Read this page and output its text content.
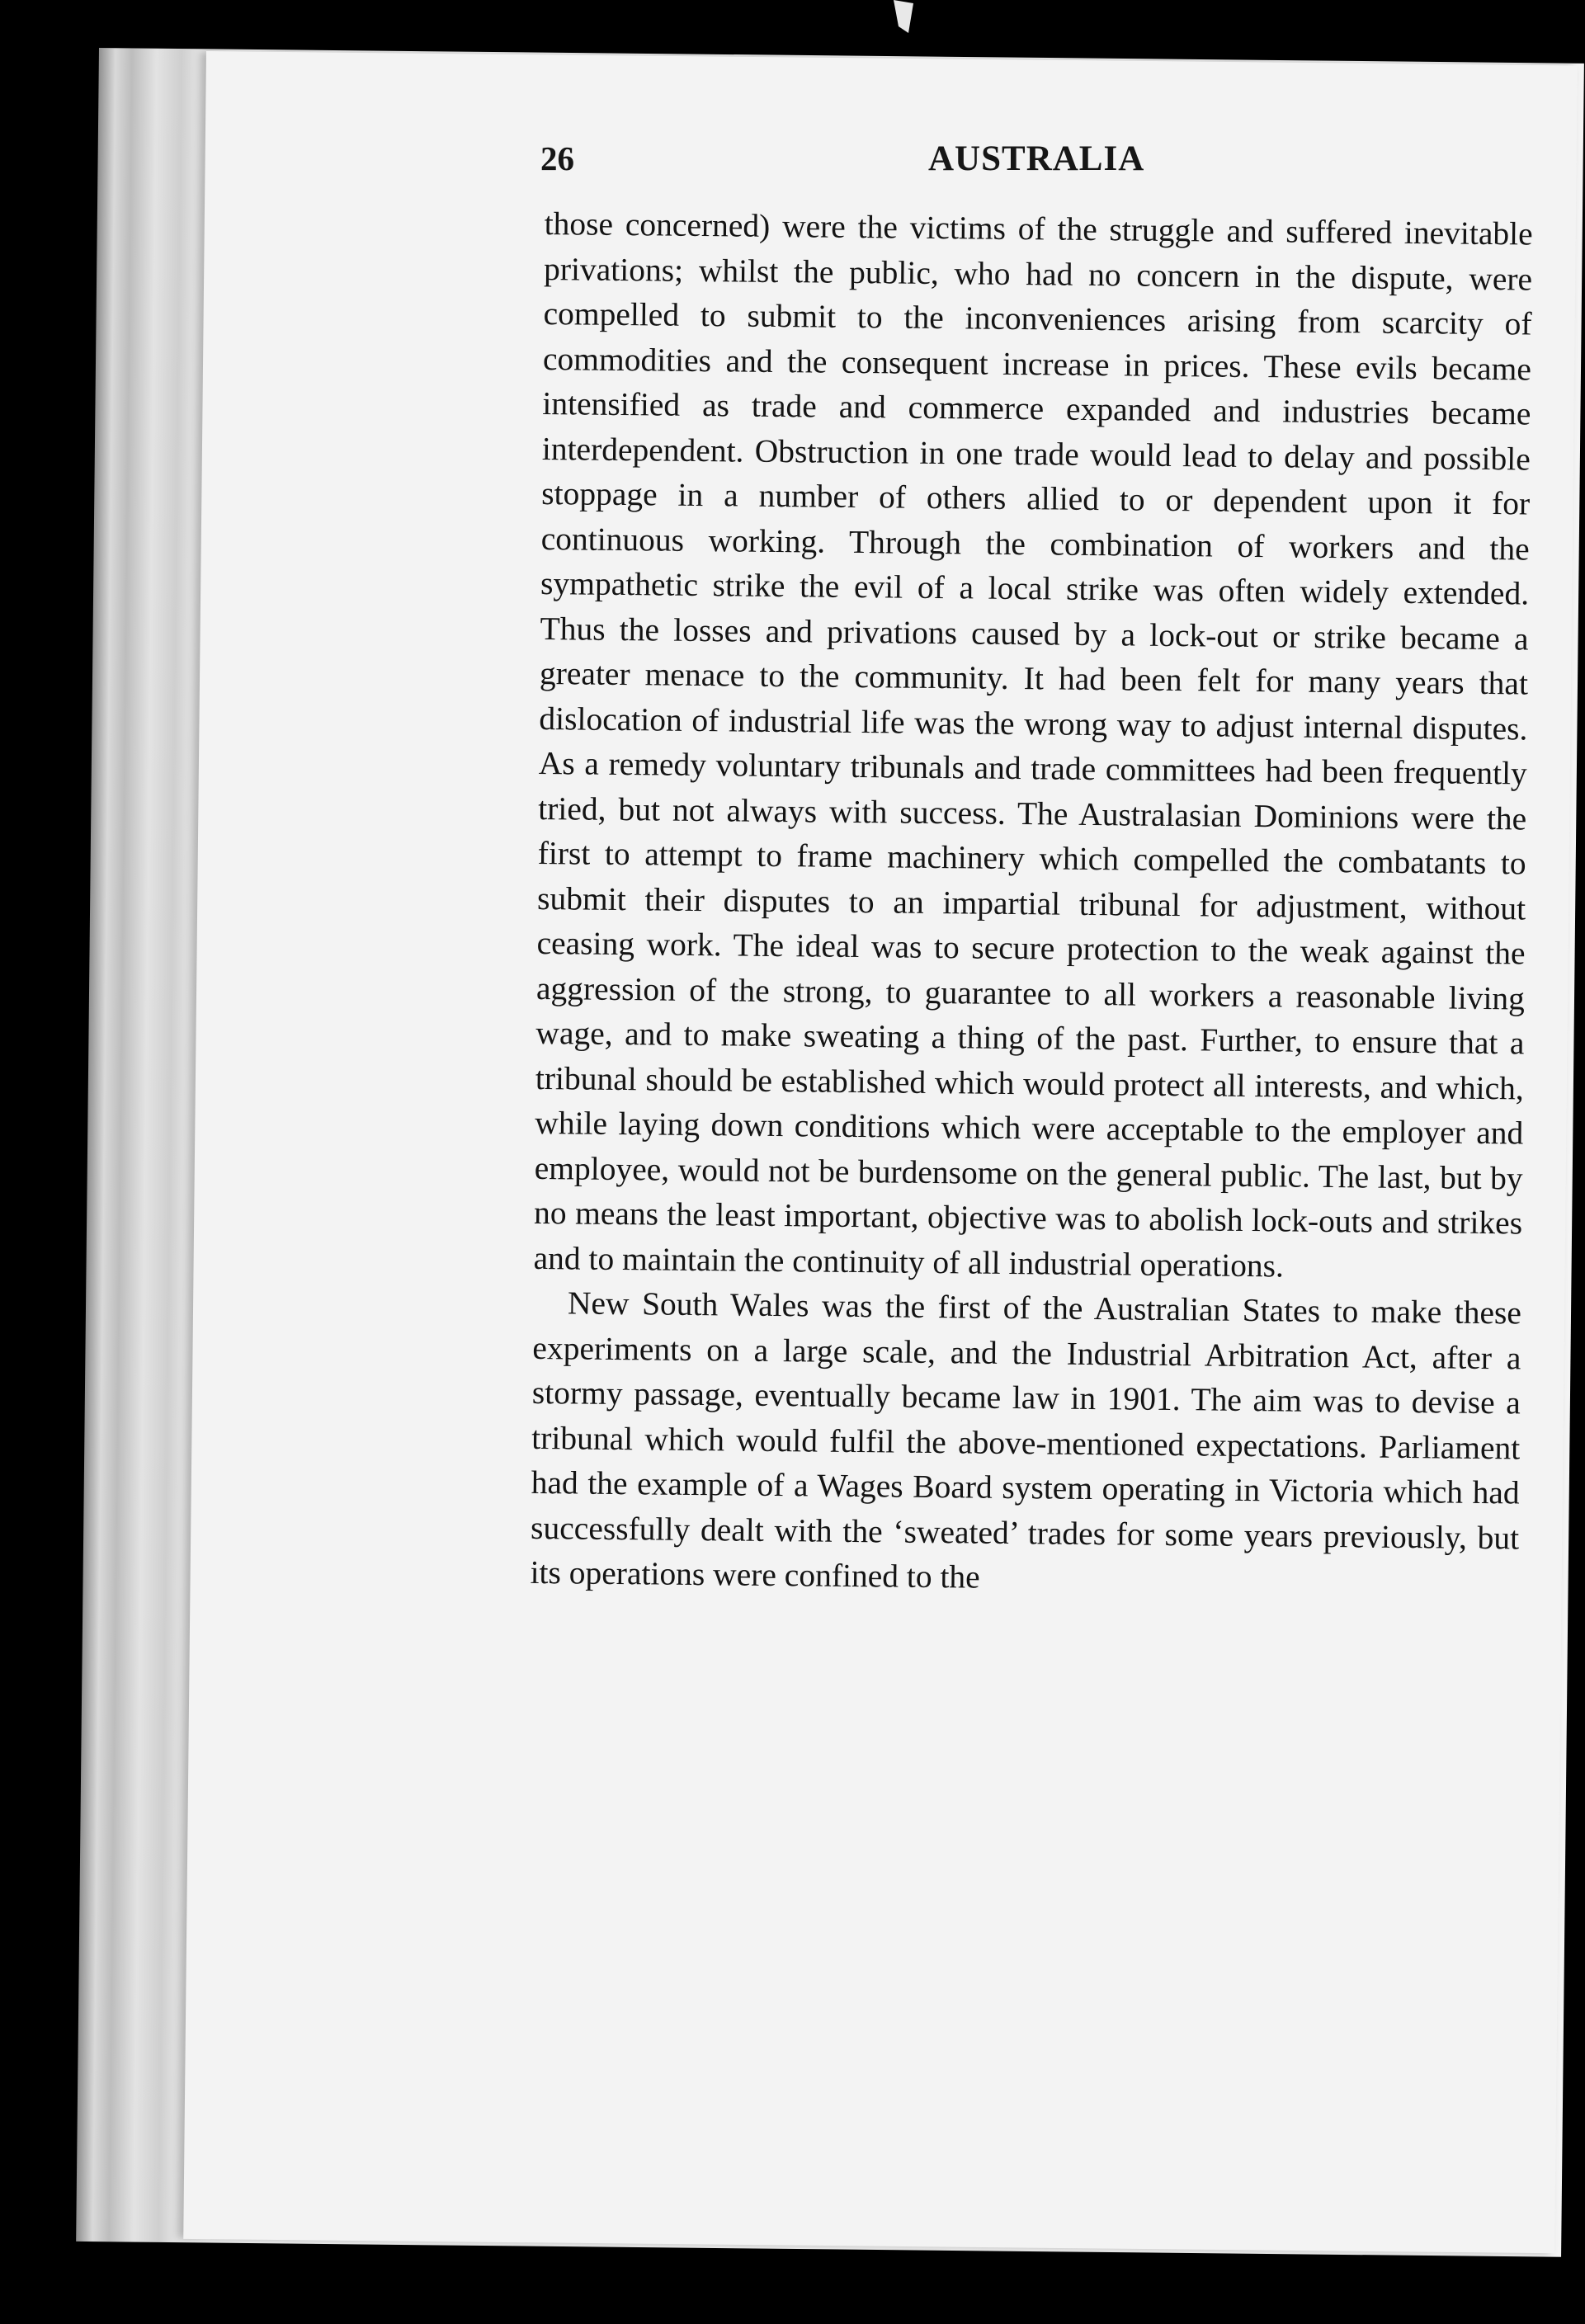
26	AUSTRALIA

those concerned) were the victims of the struggle and suffered inevitable privations; whilst the public, who had no concern in the dispute, were compelled to submit to the inconveniences arising from scarcity of commodities and the consequent increase in prices. These evils became intensified as trade and commerce expanded and industries became interdependent. Obstruction in one trade would lead to delay and possible stoppage in a number of others allied to or dependent upon it for continuous working. Through the combination of workers and the sympathetic strike the evil of a local strike was often widely extended. Thus the losses and privations caused by a lock-out or strike became a greater menace to the community. It had been felt for many years that dislocation of industrial life was the wrong way to adjust internal disputes. As a remedy voluntary tribunals and trade committees had been frequently tried, but not always with success. The Australasian Dominions were the first to attempt to frame machinery which compelled the combatants to submit their disputes to an impartial tribunal for adjustment, without ceasing work. The ideal was to secure protection to the weak against the aggression of the strong, to guarantee to all workers a reasonable living wage, and to make sweating a thing of the past. Further, to ensure that a tribunal should be established which would protect all interests, and which, while laying down conditions which were acceptable to the employer and employee, would not be burdensome on the general public. The last, but by no means the least important, objective was to abolish lock-outs and strikes and to maintain the continuity of all industrial operations.

New South Wales was the first of the Australian States to make these experiments on a large scale, and the Industrial Arbitration Act, after a stormy passage, eventually became law in 1901. The aim was to devise a tribunal which would fulfil the above-mentioned expectations. Parliament had the example of a Wages Board system operating in Victoria which had successfully dealt with the ‘sweated’ trades for some years previously, but its operations were confined to the
